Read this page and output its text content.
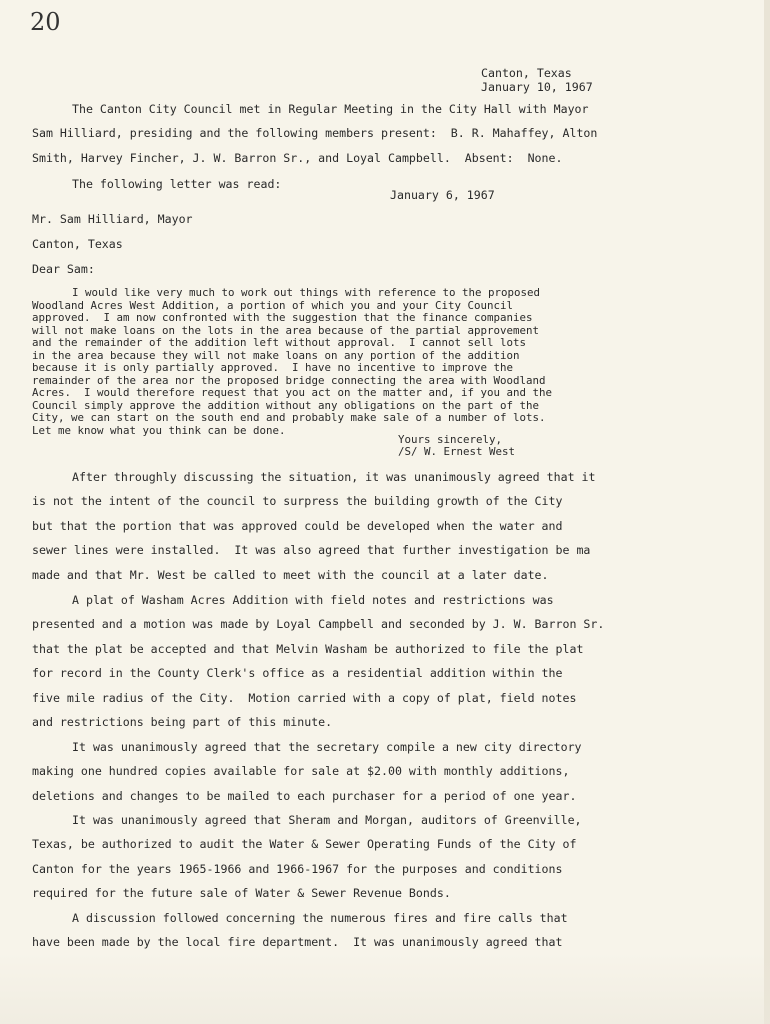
20
Canton, Texas
January 10, 1967
The Canton City Council met in Regular Meeting in the City Hall with Mayor
Sam Hilliard, presiding and the following members present:  B. R. Mahaffey, Alton
Smith, Harvey Fincher, J. W. Barron Sr., and Loyal Campbell.  Absent:  None.
The following letter was read:
January 6, 1967
Mr. Sam Hilliard, Mayor
Canton, Texas
Dear Sam:
I would like very much to work out things with reference to the proposed
Woodland Acres West Addition, a portion of which you and your City Council
approved.  I am now confronted with the suggestion that the finance companies
will not make loans on the lots in the area because of the partial approvement
and the remainder of the addition left without approval.  I cannot sell lots
in the area because they will not make loans on any portion of the addition
because it is only partially approved.  I have no incentive to improve the
remainder of the area nor the proposed bridge connecting the area with Woodland
Acres.  I would therefore request that you act on the matter and, if you and the
Council simply approve the addition without any obligations on the part of the
City, we can start on the south end and probably make sale of a number of lots.
Let me know what you think can be done.
Yours sincerely,
/S/ W. Ernest West
After throughly discussing the situation, it was unanimously agreed that it
is not the intent of the council to surpress the building growth of the City
but that the portion that was approved could be developed when the water and
sewer lines were installed.  It was also agreed that further investigation be ma
made and that Mr. West be called to meet with the council at a later date.
A plat of Washam Acres Addition with field notes and restrictions was
presented and a motion was made by Loyal Campbell and seconded by J. W. Barron Sr.
that the plat be accepted and that Melvin Washam be authorized to file the plat
for record in the County Clerk's office as a residential addition within the
five mile radius of the City.  Motion carried with a copy of plat, field notes
and restrictions being part of this minute.
It was unanimously agreed that the secretary compile a new city directory
making one hundred copies available for sale at $2.00 with monthly additions,
deletions and changes to be mailed to each purchaser for a period of one year.
It was unanimously agreed that Sheram and Morgan, auditors of Greenville,
Texas, be authorized to audit the Water & Sewer Operating Funds of the City of
Canton for the years 1965-1966 and 1966-1967 for the purposes and conditions
required for the future sale of Water & Sewer Revenue Bonds.
A discussion followed concerning the numerous fires and fire calls that
have been made by the local fire department.  It was unanimously agreed that
